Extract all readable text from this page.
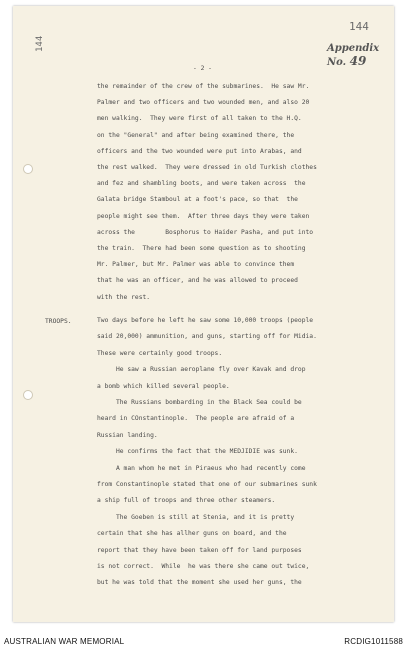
144
144	Appendix No. 49
- 2 -
the remainder of the crew of the submarines.  He saw Mr.
Palmer and two officers and two wounded men, and also 20
men walking.  They were first of all taken to the H.Q.
on the "General" and after being examined there, the
officers and the two wounded were put into Arabas, and
the rest walked.  They were dressed in old Turkish clothes
and fez and shambling boots, and were taken across  the
Galata bridge Stamboul at a foot's pace, so that  the
people might see them.  After three days they were taken
across the        Bosphorus to Haider Pasha, and put into
the train.  There had been some question as to shooting
Mr. Palmer, but Mr. Palmer was able to convince them
that he was an officer, and he was allowed to proceed
with the rest.
TROOPS.	Two days before he left he saw some 10,000 troops (people
said 20,000) ammunition, and guns, starting off for Midia.
These were certainly good troops.
He saw a Russian aeroplane fly over Kavak and drop
a bomb which killed several people.
The Russians bombarding in the Black Sea could be
heard in COnstantinople.  The people are afraid of a
Russian landing.
He confirms the fact that the MEDJIDIE was sunk.
A man whom he met in Piraeus who had recently come
from Constantinople stated that one of our submarines sunk
a ship full of troops and three other steamers.
The Goeben is still at Stenia, and it is pretty
certain that she has allher guns on board, and the
report that they have been taken off for land purposes
is not correct.  While  he was there she came out twice,
but he was told that the moment she used her guns, the
AUSTRALIAN WAR MEMORIAL	RCDIG1011588
